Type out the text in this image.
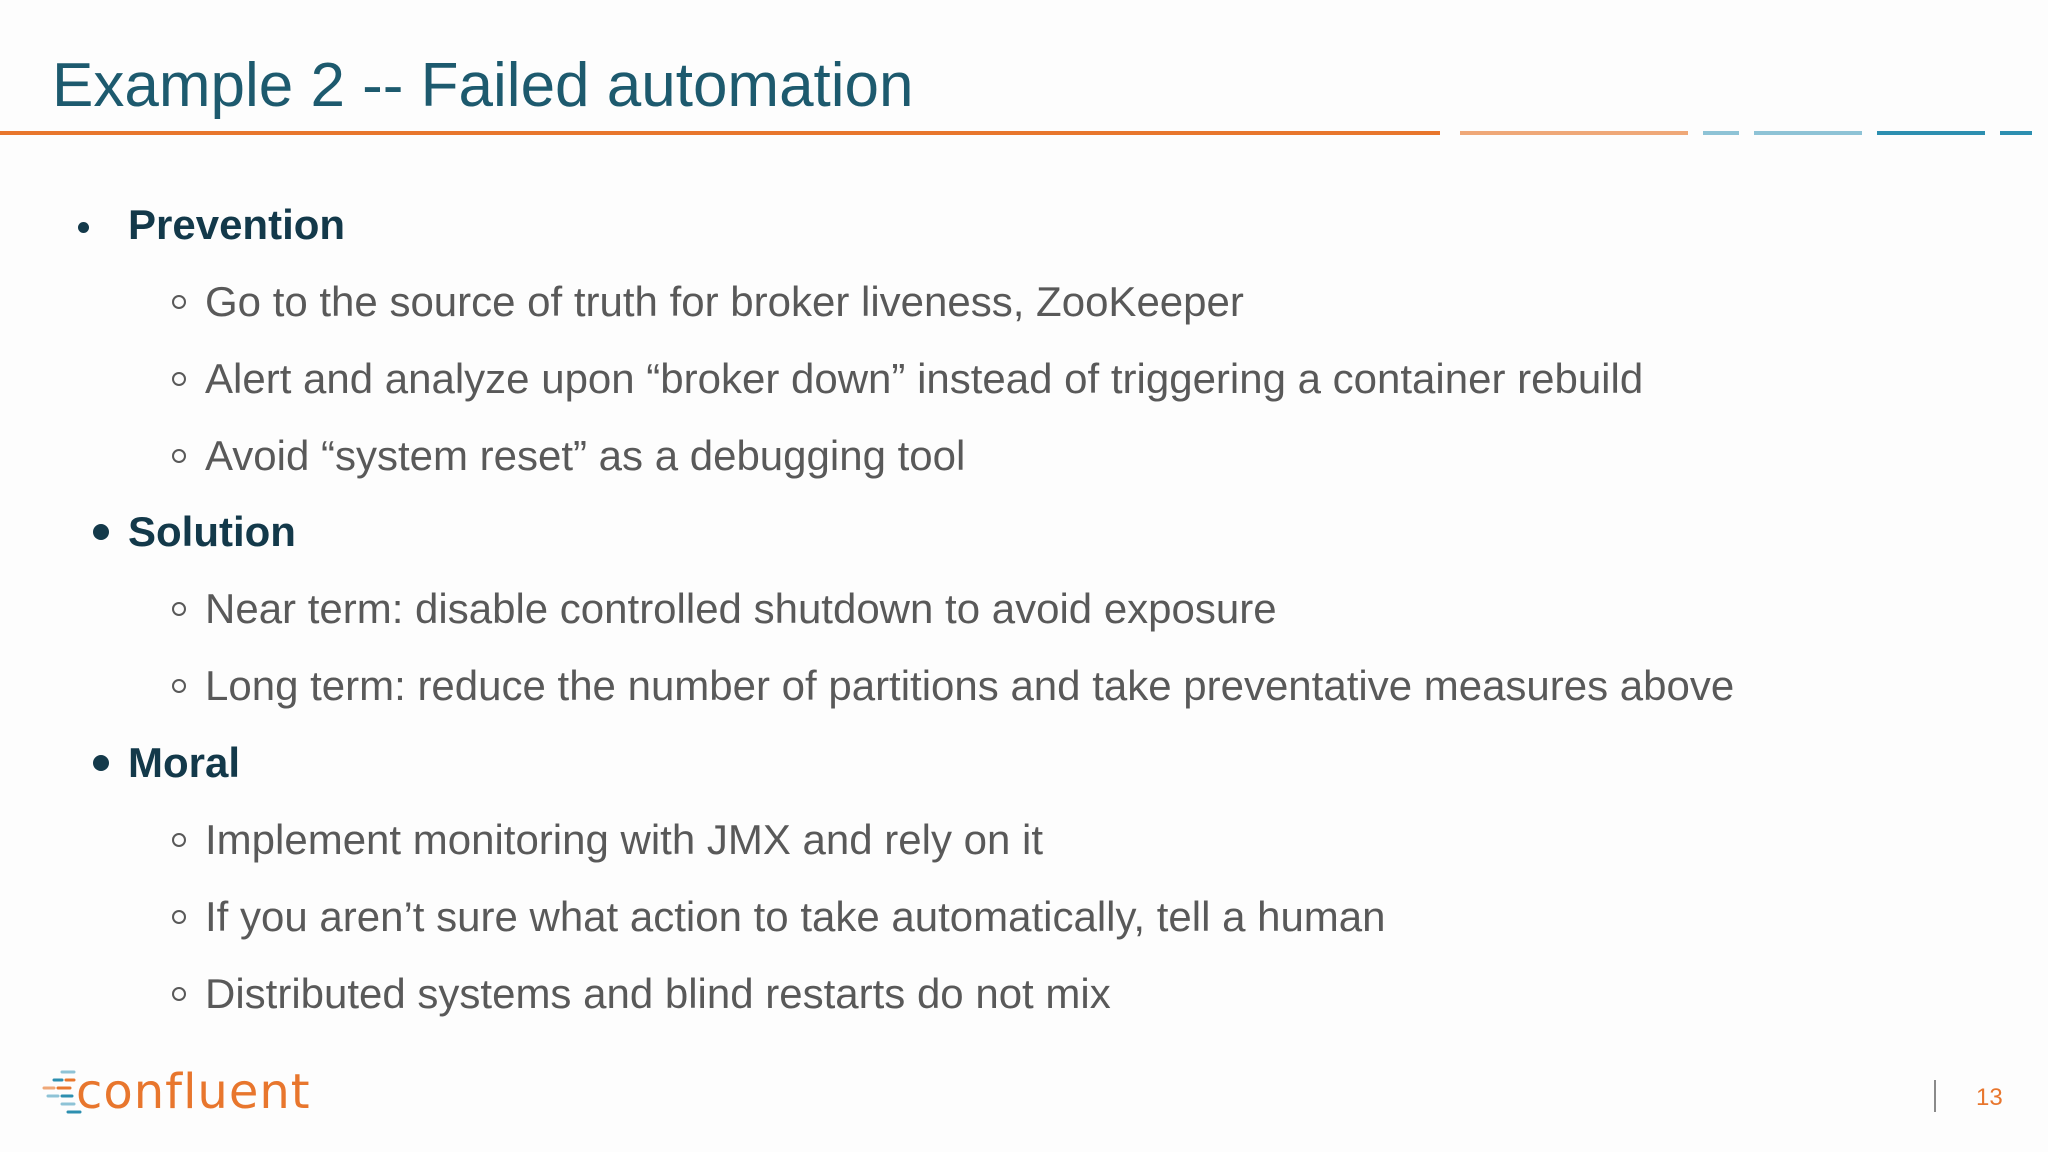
Example 2 -- Failed automation
Prevention
Go to the source of truth for broker liveness, ZooKeeper
Alert and analyze upon “broker down” instead of triggering a container rebuild
Avoid “system reset” as a debugging tool
Solution
Near term: disable controlled shutdown to avoid exposure
Long term: reduce the number of partitions and take preventative measures above
Moral
Implement monitoring with JMX and rely on it
If you aren’t sure what action to take automatically, tell a human
Distributed systems and blind restarts do not mix
confluent	13
